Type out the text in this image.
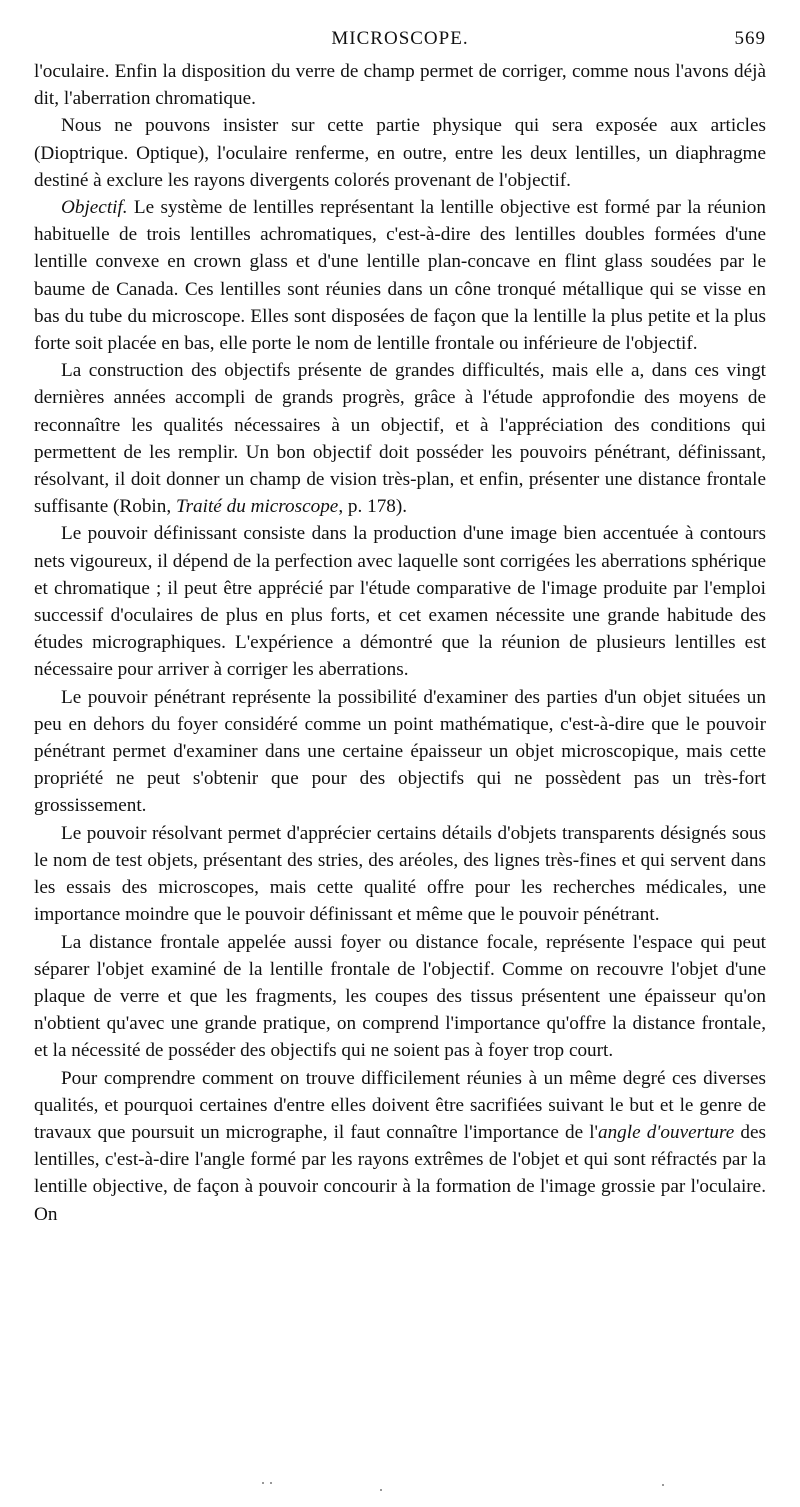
MICROSCOPE.	569

l'oculaire. Enfin la disposition du verre de champ permet de corriger, comme nous l'avons déjà dit, l'aberration chromatique.

Nous ne pouvons insister sur cette partie physique qui sera exposée aux articles (Dioptrique. Optique), l'oculaire renferme, en outre, entre les deux lentilles, un diaphragme destiné à exclure les rayons divergents colorés provenant de l'objectif.

Objectif. Le système de lentilles représentant la lentille objective est formé par la réunion habituelle de trois lentilles achromatiques, c'est-à-dire des lentilles doubles formées d'une lentille convexe en crown glass et d'une lentille plan-concave en flint glass soudées par le baume de Canada. Ces lentilles sont réunies dans un cône tronqué métallique qui se visse en bas du tube du microscope. Elles sont disposées de façon que la lentille la plus petite et la plus forte soit placée en bas, elle porte le nom de lentille frontale ou inférieure de l'objectif.

La construction des objectifs présente de grandes difficultés, mais elle a, dans ces vingt dernières années accompli de grands progrès, grâce à l'étude approfondie des moyens de reconnaître les qualités nécessaires à un objectif, et à l'appréciation des conditions qui permettent de les remplir. Un bon objectif doit posséder les pouvoirs pénétrant, définissant, résolvant, il doit donner un champ de vision très-plan, et enfin, présenter une distance frontale suffisante (Robin, Traité du microscope, p. 178).

Le pouvoir définissant consiste dans la production d'une image bien accentuée à contours nets vigoureux, il dépend de la perfection avec laquelle sont corrigées les aberrations sphérique et chromatique ; il peut être apprécié par l'étude comparative de l'image produite par l'emploi successif d'oculaires de plus en plus forts, et cet examen nécessite une grande habitude des études micrographiques. L'expérience a démontré que la réunion de plusieurs lentilles est nécessaire pour arriver à corriger les aberrations.

Le pouvoir pénétrant représente la possibilité d'examiner des parties d'un objet situées un peu en dehors du foyer considéré comme un point mathématique, c'est-à-dire que le pouvoir pénétrant permet d'examiner dans une certaine épaisseur un objet microscopique, mais cette propriété ne peut s'obtenir que pour des objectifs qui ne possèdent pas un très-fort grossissement.

Le pouvoir résolvant permet d'apprécier certains détails d'objets transparents désignés sous le nom de test objets, présentant des stries, des aréoles, des lignes très-fines et qui servent dans les essais des microscopes, mais cette qualité offre pour les recherches médicales, une importance moindre que le pouvoir définissant et même que le pouvoir pénétrant.

La distance frontale appelée aussi foyer ou distance focale, représente l'espace qui peut séparer l'objet examiné de la lentille frontale de l'objectif. Comme on recouvre l'objet d'une plaque de verre et que les fragments, les coupes des tissus présentent une épaisseur qu'on n'obtient qu'avec une grande pratique, on comprend l'importance qu'offre la distance frontale, et la nécessité de posséder des objectifs qui ne soient pas à foyer trop court.

Pour comprendre comment on trouve difficilement réunies à un même degré ces diverses qualités, et pourquoi certaines d'entre elles doivent être sacrifiées suivant le but et le genre de travaux que poursuit un micrographe, il faut connaître l'importance de l'angle d'ouverture des lentilles, c'est-à-dire l'angle formé par les rayons extrêmes de l'objet et qui sont réfractés par la lentille objective, de façon à pouvoir concourir à la formation de l'image grossie par l'oculaire. On
